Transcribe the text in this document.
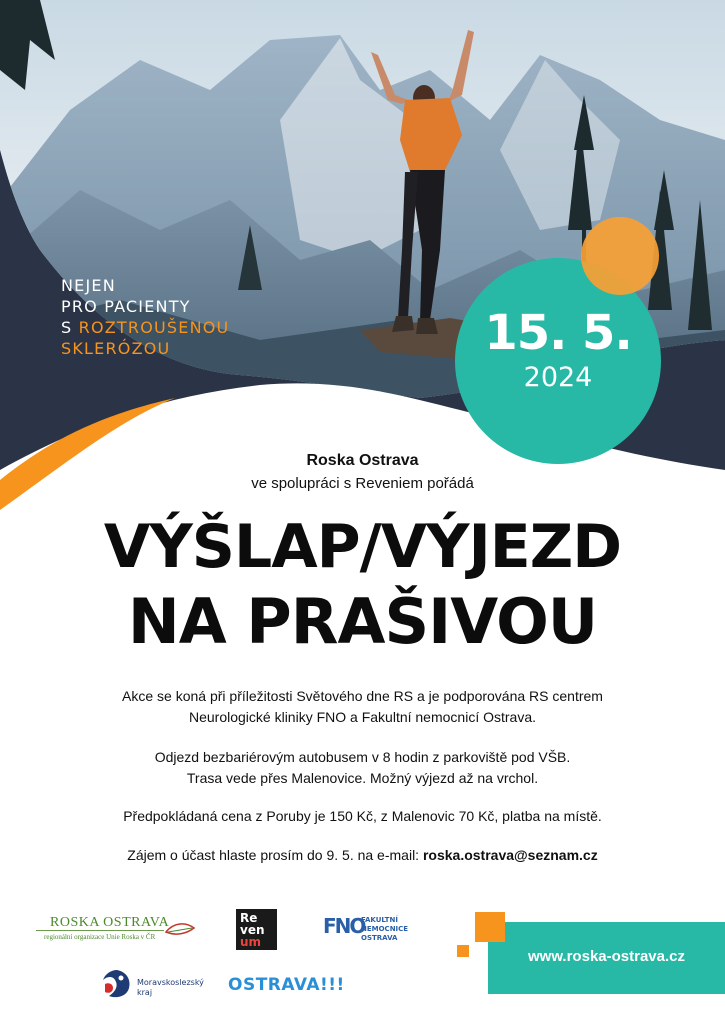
NEJEN
PRO PACIENTY
S ROZTROUŠENOU
SKLERÓZOU	15. 5.
2024
Roska Ostrava
ve spolupráci s Reveniem pořádá
VÝŠLAP/VÝJEZD
NA PRAŠIVOU
Akce se koná při příležitosti Světového dne RS a je podporována RS centrem
Neurologické kliniky FNO a Fakultní nemocnicí Ostrava.
Odjezd bezbariérovým autobusem v 8 hodin z parkoviště pod VŠB.
Trasa vede přes Malenovice. Možný výjezd až na vrchol.
Předpokládaná cena z Poruby je 150 Kč, z Malenovic 70 Kč, platba na místě.
Zájem o účast hlaste prosím do 9. 5. na e-mail: roska.ostrava@seznam.cz
ROSKA OSTRAVA
regionální organizace Unie Roska v ČR
Re
ven
um
FNO
FAKULTNÍ
NEMOCNICE
OSTRAVA
Moravskoslezský
kraj	OSTRAVA!!!
www.roska-ostrava.cz
